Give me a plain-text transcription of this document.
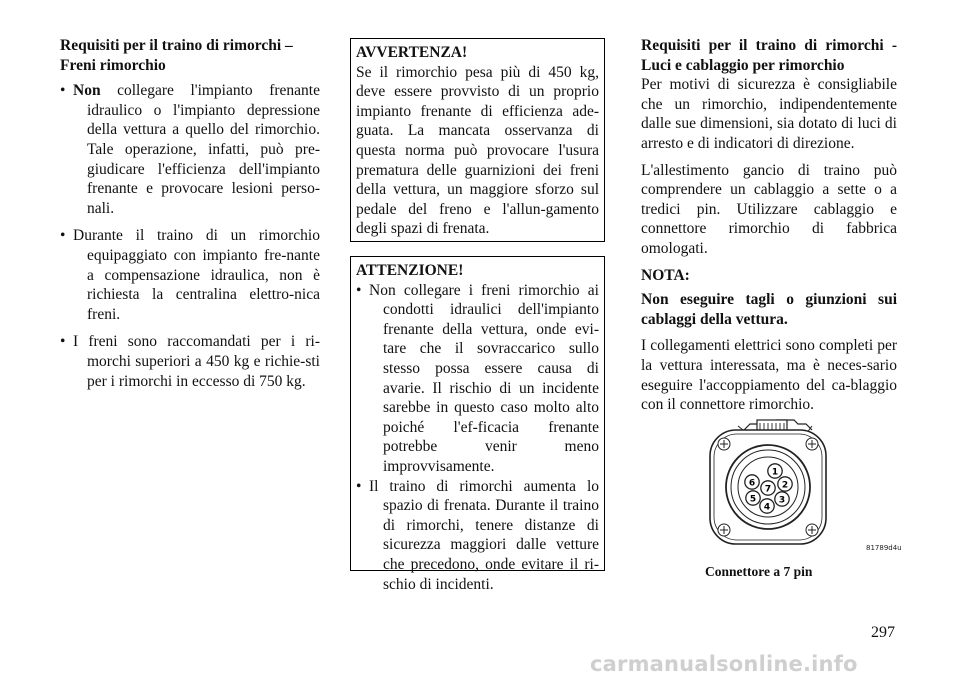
Requisiti per il traino di rimorchi – Freni rimorchio

• Non collegare l'impianto frenante idraulico o l'impianto depressione della vettura a quello del rimorchio. Tale operazione, infatti, può pre-giudicare l'efficienza dell'impianto frenante e provocare lesioni perso-nali.
• Durante il traino di un rimorchio equipaggiato con impianto fre-nante a compensazione idraulica, non è richiesta la centralina elettro-nica freni.
• I freni sono raccomandati per i ri-morchi superiori a 450 kg e richie-sti per i rimorchi in eccesso di 750 kg.
AVVERTENZA!

Se il rimorchio pesa più di 450 kg, deve essere provvisto di un proprio impianto frenante di efficienza ade-guata. La mancata osservanza di questa norma può provocare l'usura prematura delle guarnizioni dei freni della vettura, un maggiore sforzo sul pedale del freno e l'allun-gamento degli spazi di frenata.

ATTENZIONE!
• Non collegare i freni rimorchio ai condotti idraulici dell'impianto frenante della vettura, onde evi-tare che il sovraccarico sullo stesso possa essere causa di avarie. Il rischio di un incidente sarebbe in questo caso molto alto poiché l'ef-ficacia frenante potrebbe venir meno improvvisamente.
• Il traino di rimorchi aumenta lo spazio di frenata. Durante il traino di rimorchi, tenere distanze di sicurezza maggiori dalle vetture che precedono, onde evitare il ri-schio di incidenti.

Requisiti per il traino di rimorchi - Luci e cablaggio per rimorchio

Per motivi di sicurezza è consigliabile che un rimorchio, indipendentemente dalle sue dimensioni, sia dotato di luci di arresto e di indicatori di direzione.

L'allestimento gancio di traino può comprendere un cablaggio a sette o a tredici pin. Utilizzare cablaggio e connettore rimorchio di fabbrica omologati.

NOTA:

Non eseguire tagli o giunzioni sui cablaggi della vettura.

I collegamenti elettrici sono completi per la vettura interessata, ma è neces-sario eseguire l'accoppiamento del ca-blaggio con il connettore rimorchio.

1
2
3
4
5
6
7
81789d4u
Connettore a 7 pin
297
carmanualsonline.info
